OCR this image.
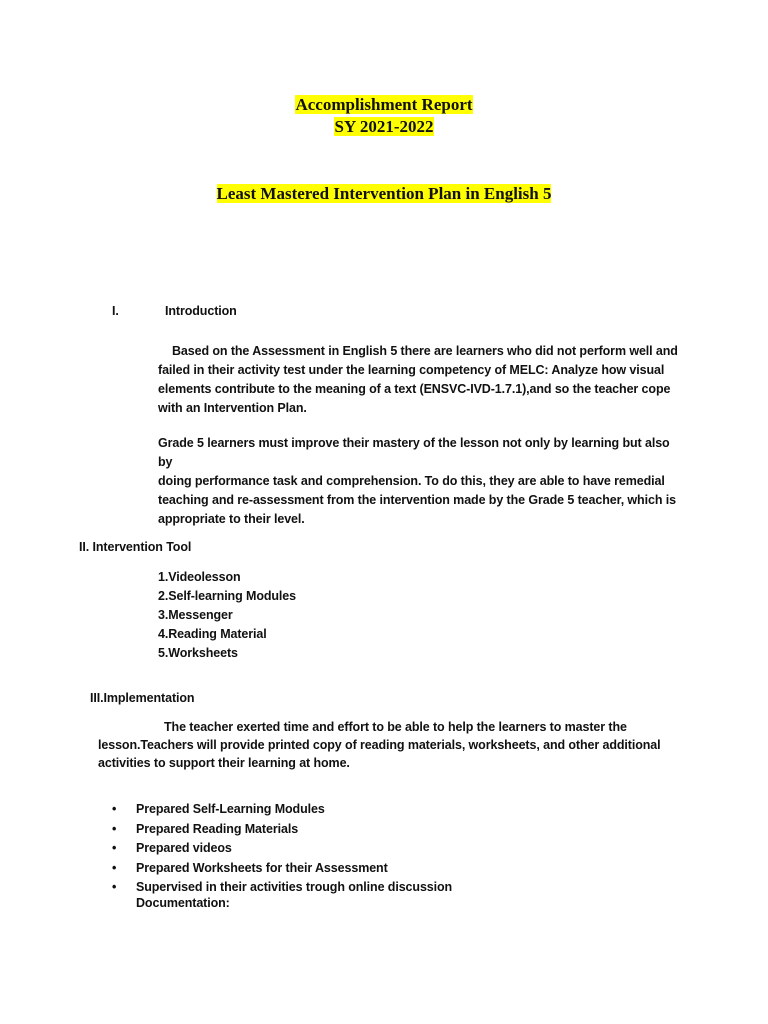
Accomplishment Report
SY 2021-2022
Least Mastered Intervention Plan in English 5
I.	Introduction
Based on the Assessment in English 5 there are learners who did not perform well and
failed in their activity test under the learning competency of MELC: Analyze how visual
elements contribute to the meaning of a text (ENSVC-IVD-1.7.1),and so the teacher cope
with an Intervention Plan.
Grade 5 learners must improve their mastery of the lesson not only by learning but also by
doing performance task and comprehension. To do this, they are able to have remedial
teaching and re-assessment from the intervention made by the Grade 5 teacher, which is
appropriate to their level.
II. Intervention Tool
1.Videolesson
2.Self-learning Modules
3.Messenger
4.Reading Material
5.Worksheets
III.Implementation
The teacher exerted time and effort to be able to help the learners to master the
lesson.Teachers will provide printed copy of reading materials, worksheets, and other additional
activities to support their learning at home.
• Prepared Self-Learning Modules
• Prepared Reading Materials
• Prepared videos
• Prepared Worksheets for their Assessment
• Supervised in their activities trough online discussion
Documentation:
